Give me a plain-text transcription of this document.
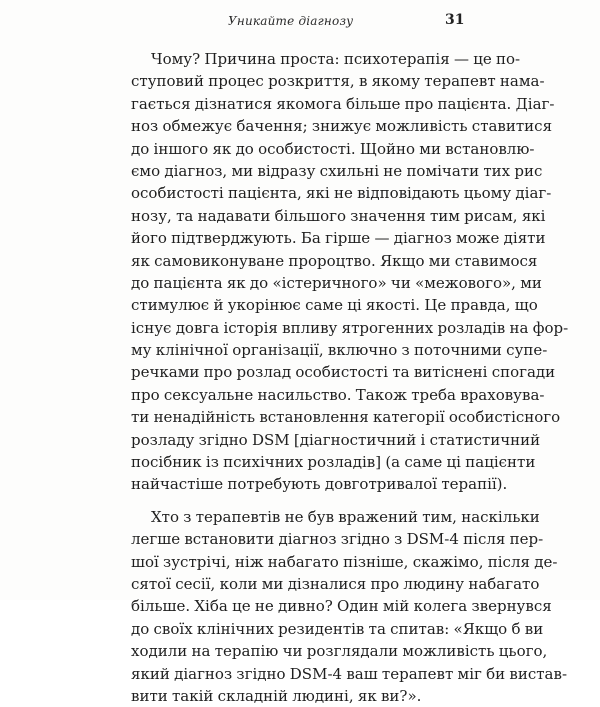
Уникайте діагнозу	31
Чому? Причина проста: психотерапія — це по-
ступовий процес розкриття, в якому терапевт нама-
гається дізнатися якомога більше про пацієнта. Діаг-
ноз обмежує бачення; знижує можливість ставитися
до іншого як до особистості. Щойно ми встановлю-
ємо діагноз, ми відразу схильні не помічати тих рис
особистості пацієнта, які не відповідають цьому діаг-
нозу, та надавати більшого значення тим рисам, які
його підтверджують. Ба гірше — діагноз може діяти
як самовиконуване пророцтво. Якщо ми ставимося
до пацієнта як до «істеричного» чи «межового», ми
стимулює й укорінює саме ці якості. Це правда, що
існує довга історія впливу ятрогенних розладів на фор-
му клінічної організації, включно з поточними супе-
речками про розлад особистості та витіснені спогади
про сексуальне насильство. Також треба враховува-
ти ненадійність встановлення категорії особистісного
розладу згідно DSM [діагностичний і статистичний
посібник із психічних розладів] (а саме ці пацієнти
найчастіше потребують довготривалої терапії).
Хто з терапевтів не був вражений тим, наскільки
легше встановити діагноз згідно з DSM-4 після пер-
шої зустрічі, ніж набагато пізніше, скажімо, після де-
сятої сесії, коли ми дізналися про людину набагато
більше. Хіба це не дивно? Один мій колега звернувся
до своїх клінічних резидентів та спитав: «Якщо б ви
ходили на терапію чи розглядали можливість цього,
який діагноз згідно DSM-4 ваш терапевт міг би вистав-
вити такій складній людині, як ви?».
